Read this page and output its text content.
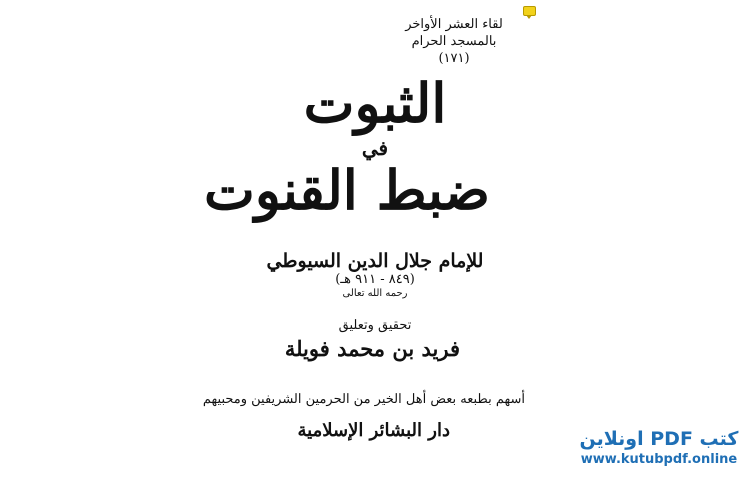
لقاء العشر الأواخر
بالمسجد الحرام
(١٧١)
الثبوت
في
ضبط القنوت
للإمام جلال الدين السيوطي
(٨٤٩ - ٩١١ هـ)
رحمه الله تعالى
تحقيق وتعليق
فريد بن محمد فويلة
أسهم بطبعه بعض أهل الخير من الحرمين الشريفين ومحبيهم
دار البشائر الإسلامية	كتب PDF اونلاين
www.kutubpdf.online
